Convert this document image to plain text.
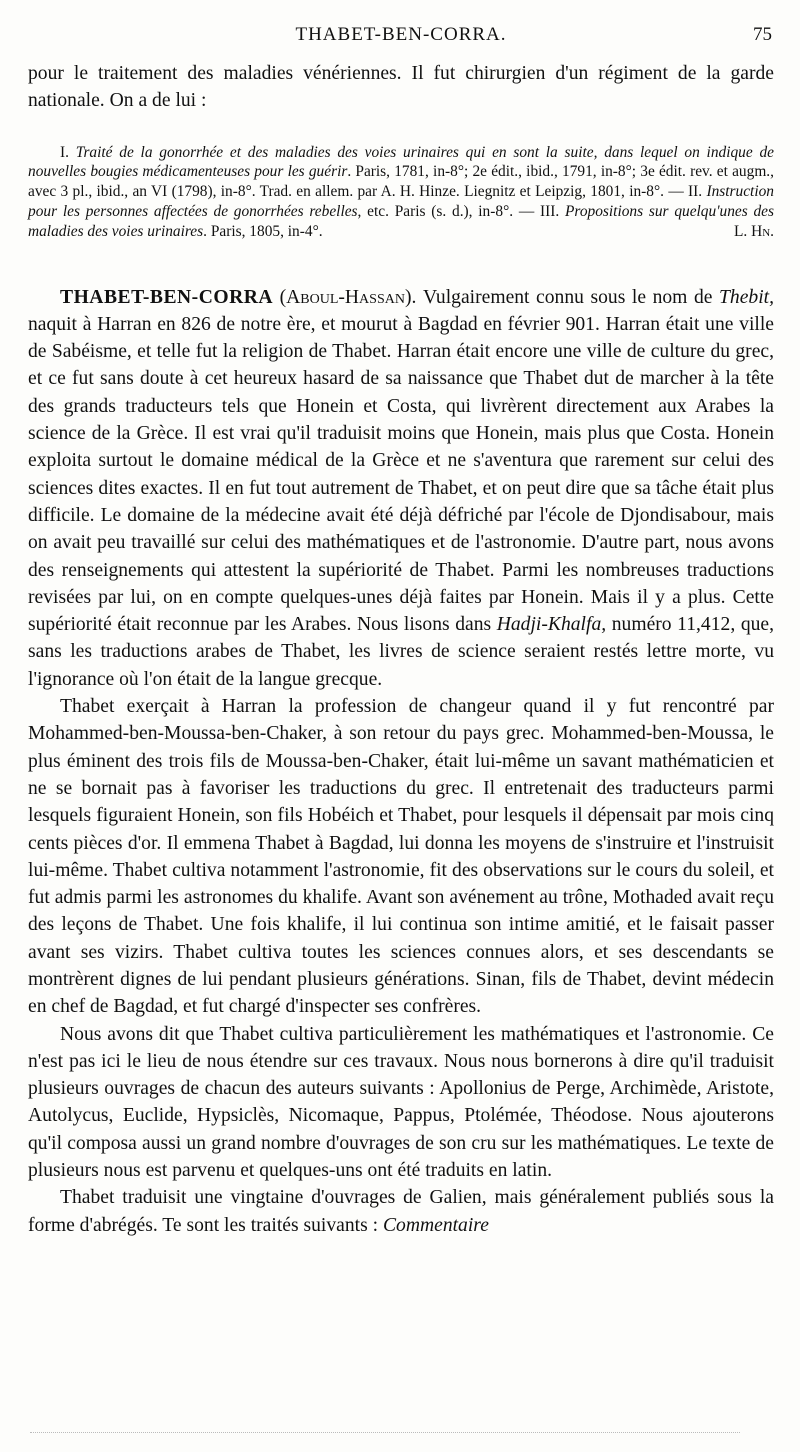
THABET-BEN-CORRA.	75

pour le traitement des maladies vénériennes. Il fut chirurgien d'un régiment de la garde nationale. On a de lui :

I. Traité de la gonorrhée et des maladies des voies urinaires qui en sont la suite, dans lequel on indique de nouvelles bougies médicamenteuses pour les guérir. Paris, 1781, in-8°; 2e édit., ibid., 1791, in-8°; 3e édit. rev. et augm., avec 3 pl., ibid., an VI (1798), in-8°. Trad. en allem. par A. H. Hinze. Liegnitz et Leipzig, 1801, in-8°. — II. Instruction pour les personnes affectées de gonorrhées rebelles, etc. Paris (s. d.), in-8°. — III. Propositions sur quelqu'unes des maladies des voies urinaires. Paris, 1805, in-4°.	L. Hn.

THABET-BEN-CORRA (Aboul-Hassan). Vulgairement connu sous le nom de Thebit, naquit à Harran en 826 de notre ère, et mourut à Bagdad en février 901. Harran était une ville de Sabéisme, et telle fut la religion de Thabet. Harran était encore une ville de culture du grec, et ce fut sans doute à cet heureux hasard de sa naissance que Thabet dut de marcher à la tête des grands traducteurs tels que Honein et Costa, qui livrèrent directement aux Arabes la science de la Grèce. Il est vrai qu'il traduisit moins que Honein, mais plus que Costa. Honein exploita surtout le domaine médical de la Grèce et ne s'aventura que rarement sur celui des sciences dites exactes. Il en fut tout autrement de Thabet, et on peut dire que sa tâche était plus difficile. Le domaine de la médecine avait été déjà défriché par l'école de Djondisabour, mais on avait peu travaillé sur celui des mathématiques et de l'astronomie. D'autre part, nous avons des renseignements qui attestent la supériorité de Thabet. Parmi les nombreuses traductions revisées par lui, on en compte quelques-unes déjà faites par Honein. Mais il y a plus. Cette supériorité était reconnue par les Arabes. Nous lisons dans Hadji-Khalfa, numéro 11,412, que, sans les traductions arabes de Thabet, les livres de science seraient restés lettre morte, vu l'ignorance où l'on était de la langue grecque.

Thabet exerçait à Harran la profession de changeur quand il y fut rencontré par Mohammed-ben-Moussa-ben-Chaker, à son retour du pays grec. Mohammed-ben-Moussa, le plus éminent des trois fils de Moussa-ben-Chaker, était lui-même un savant mathématicien et ne se bornait pas à favoriser les traductions du grec. Il entretenait des traducteurs parmi lesquels figuraient Honein, son fils Hobéich et Thabet, pour lesquels il dépensait par mois cinq cents pièces d'or. Il emmena Thabet à Bagdad, lui donna les moyens de s'instruire et l'instruisit lui-même. Thabet cultiva notamment l'astronomie, fit des observations sur le cours du soleil, et fut admis parmi les astronomes du khalife. Avant son avénement au trône, Mothaded avait reçu des leçons de Thabet. Une fois khalife, il lui continua son intime amitié, et le faisait passer avant ses vizirs. Thabet cultiva toutes les sciences connues alors, et ses descendants se montrèrent dignes de lui pendant plusieurs générations. Sinan, fils de Thabet, devint médecin en chef de Bagdad, et fut chargé d'inspecter ses confrères.

Nous avons dit que Thabet cultiva particulièrement les mathématiques et l'astronomie. Ce n'est pas ici le lieu de nous étendre sur ces travaux. Nous nous bornerons à dire qu'il traduisit plusieurs ouvrages de chacun des auteurs suivants : Apollonius de Perge, Archimède, Aristote, Autolycus, Euclide, Hypsiclès, Nicomaque, Pappus, Ptolémée, Théodose. Nous ajouterons qu'il composa aussi un grand nombre d'ouvrages de son cru sur les mathématiques. Le texte de plusieurs nous est parvenu et quelques-uns ont été traduits en latin.

Thabet traduisit une vingtaine d'ouvrages de Galien, mais généralement publiés sous la forme d'abrégés. Te sont les traités suivants : Commentaire
